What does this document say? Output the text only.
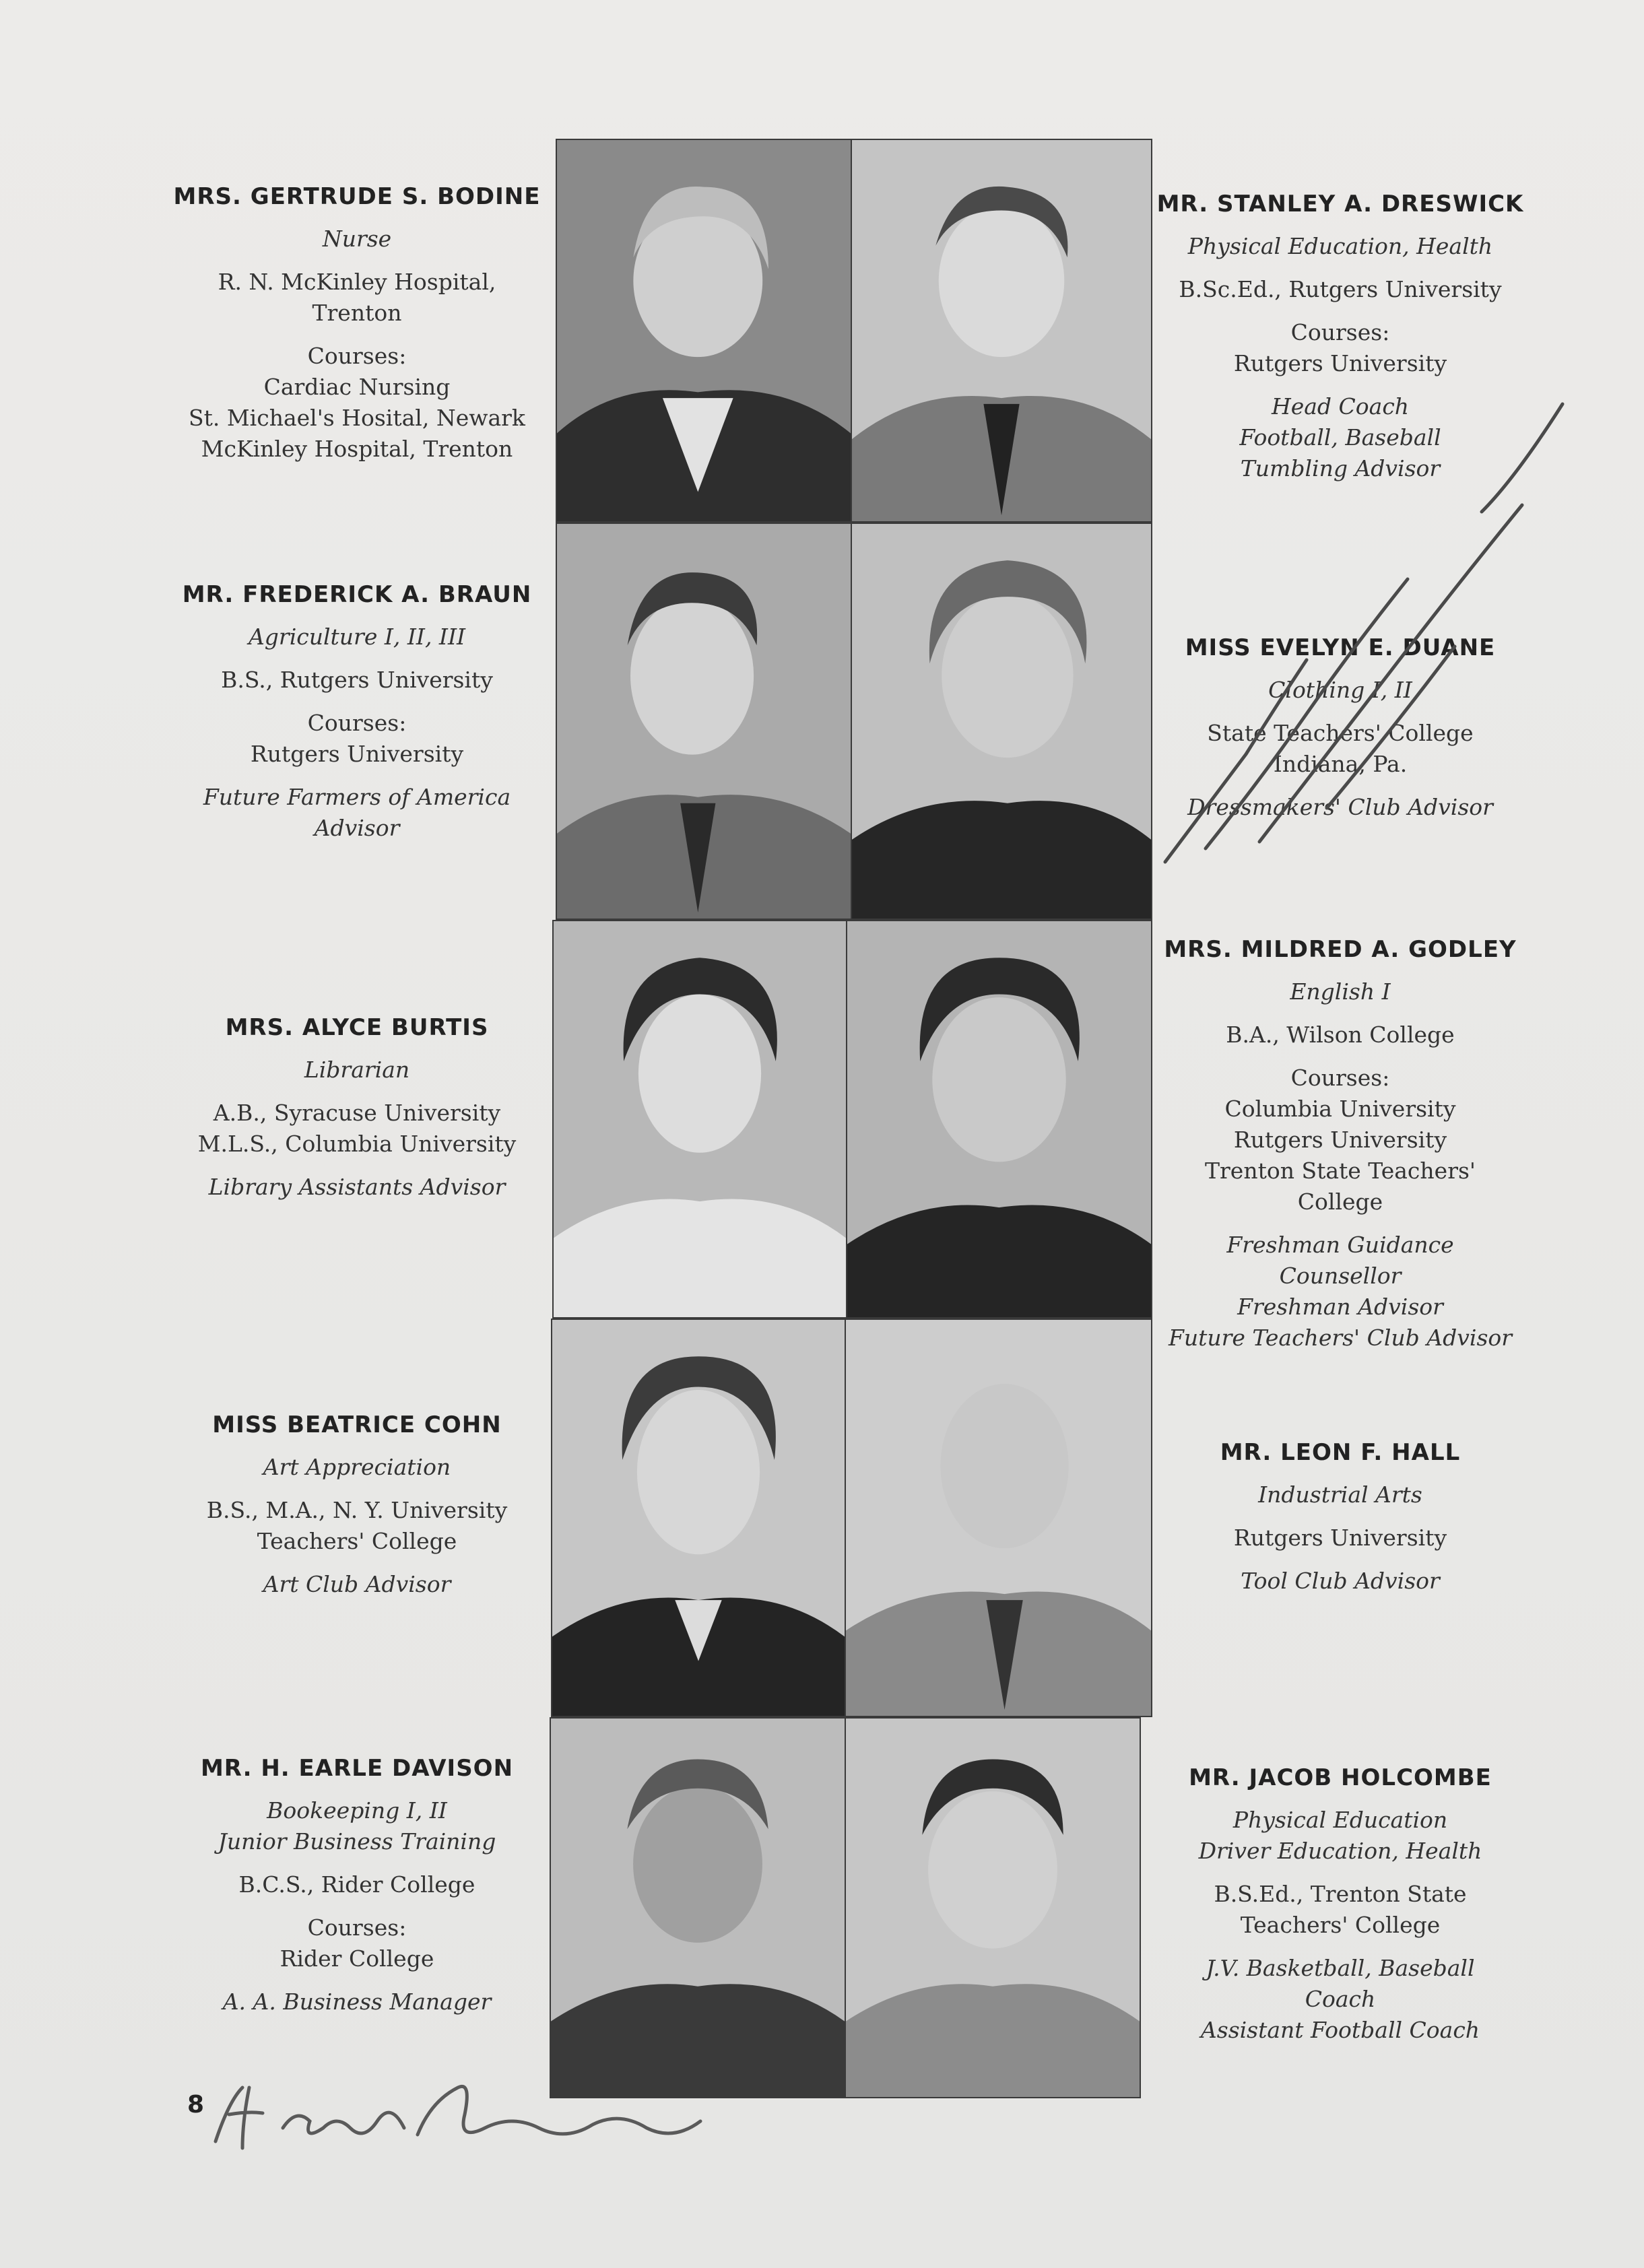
MRS. GERTRUDE S. BODINE
Nurse
R. N. McKinley Hospital,
Trenton
Courses:
Cardiac Nursing
St. Michael's Hosital, Newark
McKinley Hospital, Trenton
MR. FREDERICK A. BRAUN
Agriculture I, II, III
B.S., Rutgers University
Courses:
Rutgers University
Future Farmers of America
Advisor
MRS. ALYCE BURTIS
Librarian
A.B., Syracuse University
M.L.S., Columbia University
Library Assistants Advisor
MISS BEATRICE COHN
Art Appreciation
B.S., M.A., N. Y. University
Teachers' College
Art Club Advisor
MR. H. EARLE DAVISON
Bookeeping I, II
Junior Business Training
B.C.S., Rider College
Courses:
Rider College
A. A. Business Manager
MR. STANLEY A. DRESWICK
Physical Education, Health
B.Sc.Ed., Rutgers University
Courses:
Rutgers University
Head Coach
Football, Baseball
Tumbling Advisor
MISS EVELYN E. DUANE
Clothing I, II
State Teachers' College
Indiana, Pa.
Dressmakers' Club Advisor
MRS. MILDRED A. GODLEY
English I
B.A., Wilson College
Courses:
Columbia University
Rutgers University
Trenton State Teachers'
College
Freshman Guidance
Counsellor
Freshman Advisor
Future Teachers' Club Advisor
MR. LEON F. HALL
Industrial Arts
Rutgers University
Tool Club Advisor
MR. JACOB HOLCOMBE
Physical Education
Driver Education, Health
B.S.Ed., Trenton State
Teachers' College
J.V. Basketball, Baseball
Coach
Assistant Football Coach
8
